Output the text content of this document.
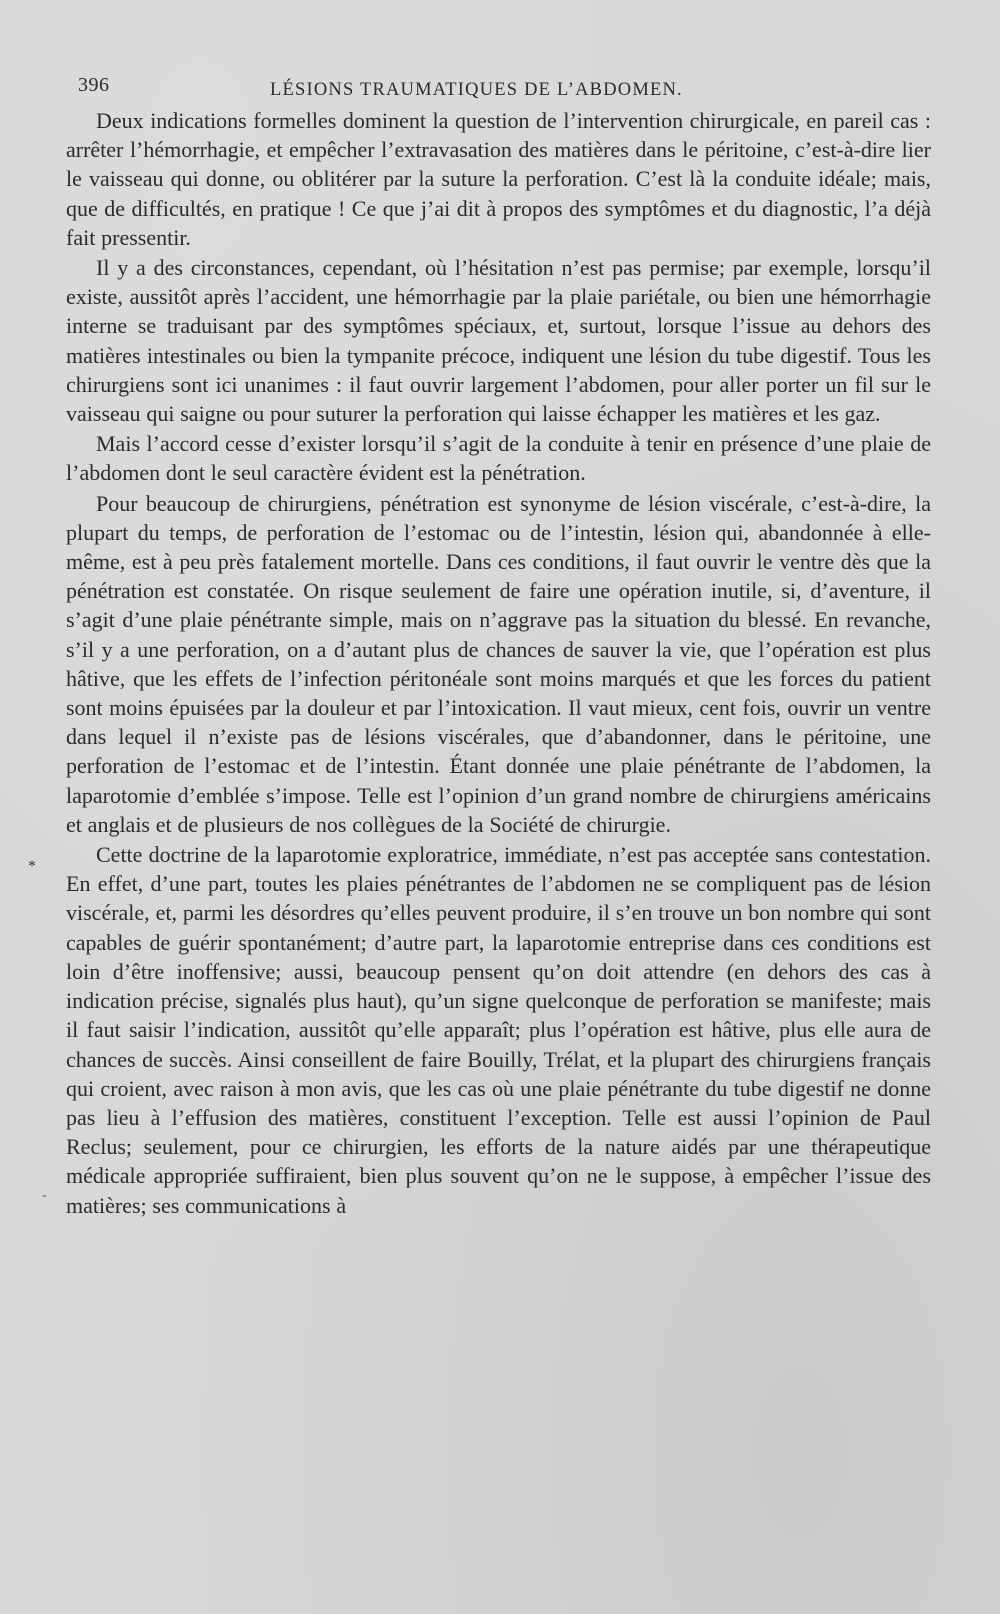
396	LÉSIONS TRAUMATIQUES DE L’ABDOMEN.
*
-

Deux indications formelles dominent la question de l’intervention chirurgicale, en pareil cas : arrêter l’hémorrhagie, et empêcher l’extravasation des matières dans le péritoine, c’est-à-dire lier le vaisseau qui donne, ou oblitérer par la suture la perforation. C’est là la conduite idéale; mais, que de difficultés, en pratique ! Ce que j’ai dit à propos des symptômes et du diagnostic, l’a déjà fait pressentir.

Il y a des circonstances, cependant, où l’hésitation n’est pas permise; par exemple, lorsqu’il existe, aussitôt après l’accident, une hémorrhagie par la plaie pariétale, ou bien une hémorrhagie interne se traduisant par des symptômes spéciaux, et, surtout, lorsque l’issue au dehors des matières intestinales ou bien la tympanite précoce, indiquent une lésion du tube digestif. Tous les chirurgiens sont ici unanimes : il faut ouvrir largement l’abdomen, pour aller porter un fil sur le vaisseau qui saigne ou pour suturer la perforation qui laisse échapper les matières et les gaz.

Mais l’accord cesse d’exister lorsqu’il s’agit de la conduite à tenir en présence d’une plaie de l’abdomen dont le seul caractère évident est la pénétration.

Pour beaucoup de chirurgiens, pénétration est synonyme de lésion viscérale, c’est-à-dire, la plupart du temps, de perforation de l’estomac ou de l’intestin, lésion qui, abandonnée à elle-même, est à peu près fatalement mortelle. Dans ces conditions, il faut ouvrir le ventre dès que la pénétration est constatée. On risque seulement de faire une opération inutile, si, d’aventure, il s’agit d’une plaie pénétrante simple, mais on n’aggrave pas la situation du blessé. En revanche, s’il y a une perforation, on a d’autant plus de chances de sauver la vie, que l’opération est plus hâtive, que les effets de l’infection péritonéale sont moins marqués et que les forces du patient sont moins épuisées par la douleur et par l’intoxication. Il vaut mieux, cent fois, ouvrir un ventre dans lequel il n’existe pas de lésions viscérales, que d’abandonner, dans le péritoine, une perforation de l’estomac et de l’intestin. Étant donnée une plaie pénétrante de l’abdomen, la laparotomie d’emblée s’impose. Telle est l’opinion d’un grand nombre de chirurgiens américains et anglais et de plusieurs de nos collègues de la Société de chirurgie.

Cette doctrine de la laparotomie exploratrice, immédiate, n’est pas acceptée sans contestation. En effet, d’une part, toutes les plaies pénétrantes de l’abdomen ne se compliquent pas de lésion viscérale, et, parmi les désordres qu’elles peuvent produire, il s’en trouve un bon nombre qui sont capables de guérir spontanément; d’autre part, la laparotomie entreprise dans ces conditions est loin d’être inoffensive; aussi, beaucoup pensent qu’on doit attendre (en dehors des cas à indication précise, signalés plus haut), qu’un signe quelconque de perforation se manifeste; mais il faut saisir l’indication, aussitôt qu’elle apparaît; plus l’opération est hâtive, plus elle aura de chances de succès. Ainsi conseillent de faire Bouilly, Trélat, et la plupart des chirurgiens français qui croient, avec raison à mon avis, que les cas où une plaie pénétrante du tube digestif ne donne pas lieu à l’effusion des matières, constituent l’exception. Telle est aussi l’opinion de Paul Reclus; seulement, pour ce chirurgien, les efforts de la nature aidés par une thérapeutique médicale appropriée suffiraient, bien plus souvent qu’on ne le suppose, à empêcher l’issue des matières; ses communications à
